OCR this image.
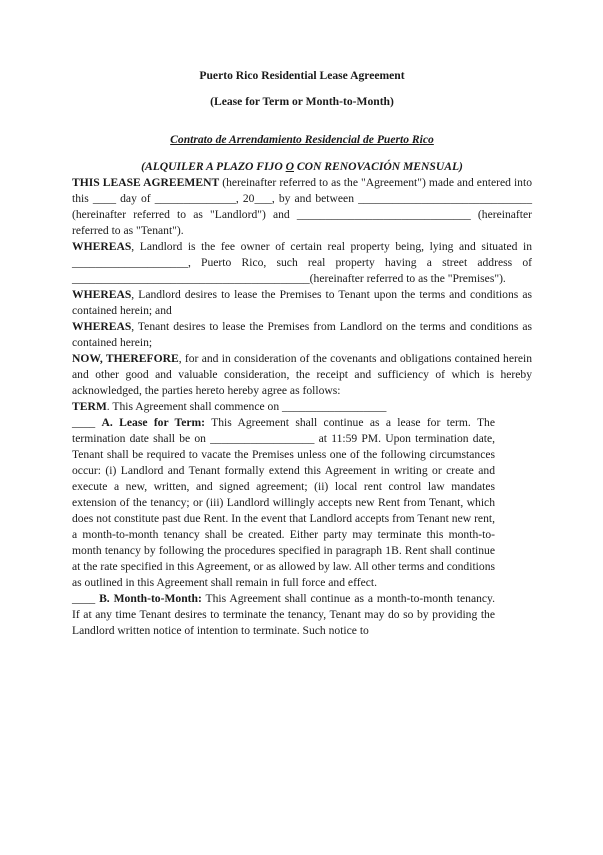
Puerto Rico Residential Lease Agreement

(Lease for Term or Month-to-Month)

Contrato de Arrendamiento Residencial de Puerto Rico

(ALQUILER A PLAZO FIJO O CON RENOVACIÓN MENSUAL)

THIS LEASE AGREEMENT (hereinafter referred to as the "Agreement") made and entered into this ____ day of ______________, 20___, by and between ______________________________ (hereinafter referred to as "Landlord") and ______________________________ (hereinafter referred to as "Tenant").

WHEREAS, Landlord is the fee owner of certain real property being, lying and situated in ____________________, Puerto Rico, such real property having a street address of _________________________________________(hereinafter referred to as the "Premises").

WHEREAS, Landlord desires to lease the Premises to Tenant upon the terms and conditions as contained herein; and

WHEREAS, Tenant desires to lease the Premises from Landlord on the terms and conditions as contained herein;

NOW, THEREFORE, for and in consideration of the covenants and obligations contained herein and other good and valuable consideration, the receipt and sufficiency of which is hereby acknowledged, the parties hereto hereby agree as follows:

TERM. This Agreement shall commence on __________________

____ A. Lease for Term: This Agreement shall continue as a lease for term. The termination date shall be on __________________ at 11:59 PM. Upon termination date, Tenant shall be required to vacate the Premises unless one of the following circumstances occur: (i) Landlord and Tenant formally extend this Agreement in writing or create and execute a new, written, and signed agreement; (ii) local rent control law mandates extension of the tenancy; or (iii) Landlord willingly accepts new Rent from Tenant, which does not constitute past due Rent. In the event that Landlord accepts from Tenant new rent, a month-to-month tenancy shall be created. Either party may terminate this month-to-month tenancy by following the procedures specified in paragraph 1B. Rent shall continue at the rate specified in this Agreement, or as allowed by law. All other terms and conditions as outlined in this Agreement shall remain in full force and effect.

____ B. Month-to-Month: This Agreement shall continue as a month-to-month tenancy. If at any time Tenant desires to terminate the tenancy, Tenant may do so by providing the Landlord written notice of intention to terminate. Such notice to
